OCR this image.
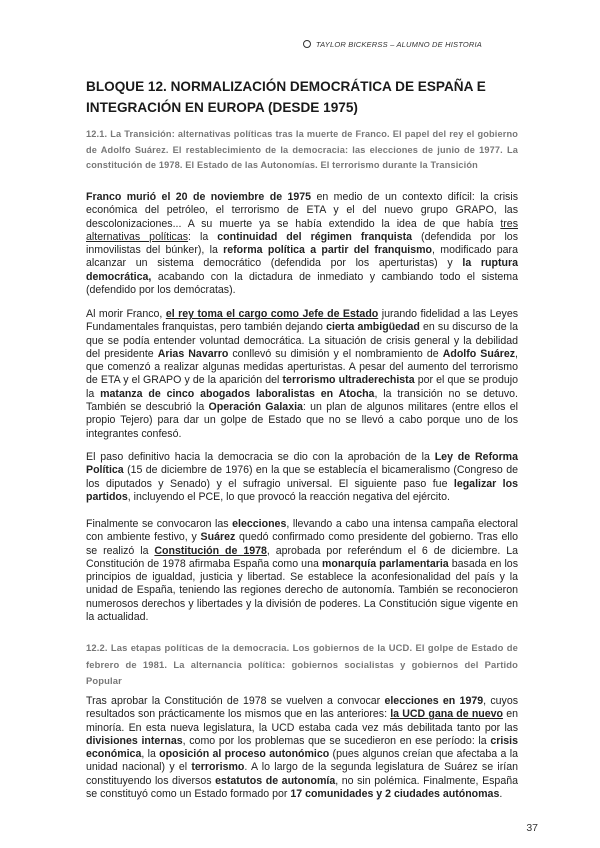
TAYLOR BICKERSS – ALUMNO DE HISTORIA
BLOQUE 12. NORMALIZACIÓN DEMOCRÁTICA DE ESPAÑA E INTEGRACIÓN EN EUROPA (DESDE 1975)
12.1. La Transición: alternativas políticas tras la muerte de Franco. El papel del rey el gobierno de Adolfo Suárez. El restablecimiento de la democracia: las elecciones de junio de 1977. La constitución de 1978. El Estado de las Autonomías. El terrorismo durante la Transición

Franco murió el 20 de noviembre de 1975 en medio de un contexto difícil: la crisis económica del petróleo, el terrorismo de ETA y el del nuevo grupo GRAPO, las descolonizaciones... A su muerte ya se había extendido la idea de que había tres alternativas políticas: la continuidad del régimen franquista (defendida por los inmovilistas del búnker), la reforma política a partir del franquismo, modificado para alcanzar un sistema democrático (defendida por los aperturistas) y la ruptura democrática, acabando con la dictadura de inmediato y cambiando todo el sistema (defendido por los demócratas).

Al morir Franco, el rey toma el cargo como Jefe de Estado jurando fidelidad a las Leyes Fundamentales franquistas, pero también dejando cierta ambigüedad en su discurso de la que se podía entender voluntad democrática. La situación de crisis general y la debilidad del presidente Arias Navarro conllevó su dimisión y el nombramiento de Adolfo Suárez, que comenzó a realizar algunas medidas aperturistas. A pesar del aumento del terrorismo de ETA y el GRAPO y de la aparición del terrorismo ultraderechista por el que se produjo la matanza de cinco abogados laboralistas en Atocha, la transición no se detuvo. También se descubrió la Operación Galaxia: un plan de algunos militares (entre ellos el propio Tejero) para dar un golpe de Estado que no se llevó a cabo porque uno de los integrantes confesó.

El paso definitivo hacia la democracia se dio con la aprobación de la Ley de Reforma Política (15 de diciembre de 1976) en la que se establecía el bicameralismo (Congreso de los diputados y Senado) y el sufragio universal. El siguiente paso fue legalizar los partidos, incluyendo el PCE, lo que provocó la reacción negativa del ejército.

Finalmente se convocaron las elecciones, llevando a cabo una intensa campaña electoral con ambiente festivo, y Suárez quedó confirmado como presidente del gobierno. Tras ello se realizó la Constitución de 1978, aprobada por referéndum el 6 de diciembre. La Constitución de 1978 afirmaba España como una monarquía parlamentaria basada en los principios de igualdad, justicia y libertad. Se establece la aconfesionalidad del país y la unidad de España, teniendo las regiones derecho de autonomía. También se reconocieron numerosos derechos y libertades y la división de poderes. La Constitución sigue vigente en la actualidad.

12.2. Las etapas políticas de la democracia. Los gobiernos de la UCD. El golpe de Estado de febrero de 1981. La alternancia política: gobiernos socialistas y gobiernos del Partido Popular

Tras aprobar la Constitución de 1978 se vuelven a convocar elecciones en 1979, cuyos resultados son prácticamente los mismos que en las anteriores: la UCD gana de nuevo en minoría. En esta nueva legislatura, la UCD estaba cada vez más debilitada tanto por las divisiones internas, como por los problemas que se sucedieron en ese período: la crisis económica, la oposición al proceso autonómico (pues algunos creían que afectaba a la unidad nacional) y el terrorismo. A lo largo de la segunda legislatura de Suárez se irían constituyendo los diversos estatutos de autonomía, no sin polémica. Finalmente, España se constituyó como un Estado formado por 17 comunidades y 2 ciudades autónomas.

37
